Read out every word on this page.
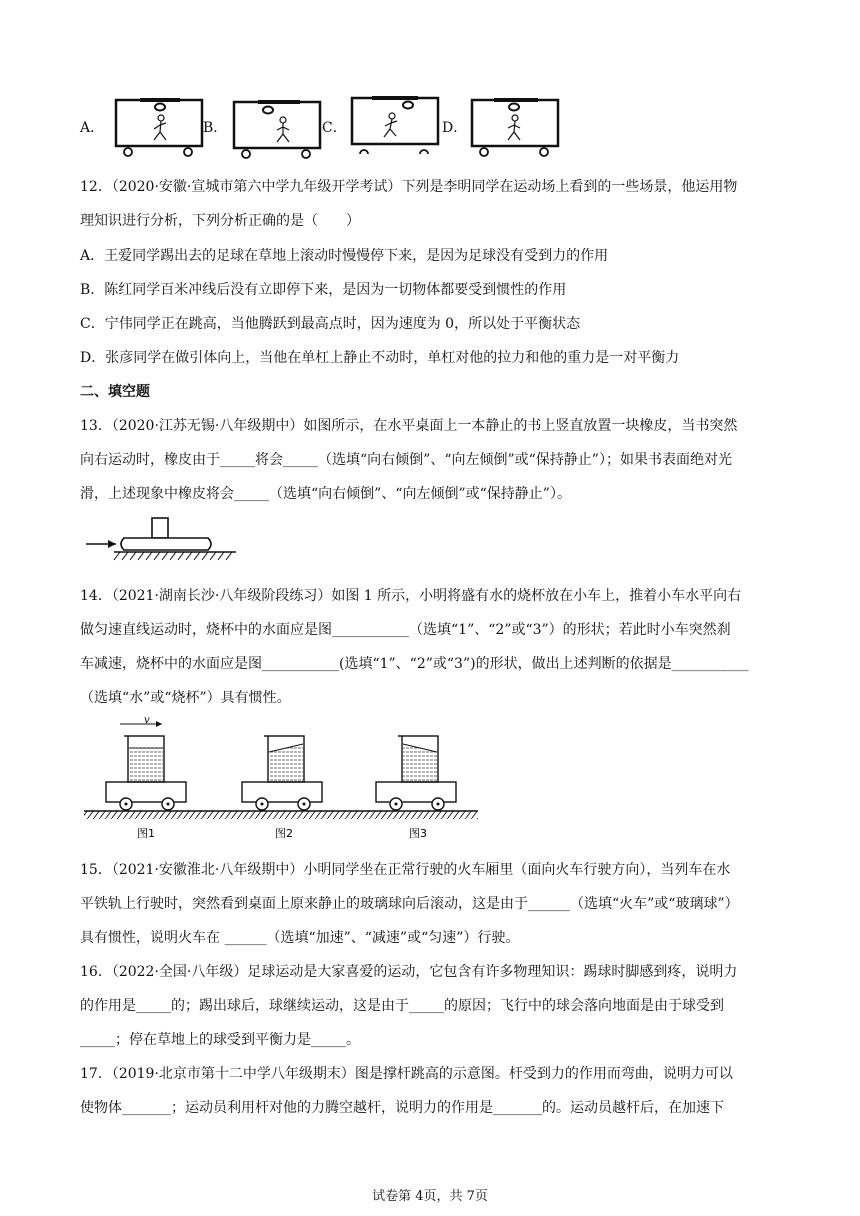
A．	B．	C．	D．
12．（2020·安徽·宣城市第六中学九年级开学考试）下列是李明同学在运动场上看到的一些场景，他运用物
理知识进行分析，下列分析正确的是（　　）
A．王爱同学踢出去的足球在草地上滚动时慢慢停下来，是因为足球没有受到力的作用
B．陈红同学百米冲线后没有立即停下来，是因为一切物体都要受到惯性的作用
C．宁伟同学正在跳高，当他腾跃到最高点时，因为速度为 0，所以处于平衡状态
D．张彦同学在做引体向上，当他在单杠上静止不动时，单杠对他的拉力和他的重力是一对平衡力
二、填空题
13．（2020·江苏无锡·八年级期中）如图所示，在水平桌面上一本静止的书上竖直放置一块橡皮，当书突然
向右运动时，橡皮由于_____将会_____（选填“向右倾倒”、“向左倾倒”或“保持静止”）；如果书表面绝对光
滑，上述现象中橡皮将会_____（选填“向右倾倒”、“向左倾倒”或“保持静止”）。
14．（2021·湖南长沙·八年级阶段练习）如图 1 所示，小明将盛有水的烧杯放在小车上，推着小车水平向右
做匀速直线运动时，烧杯中的水面应是图___________（选填“1”、“2”或“3”）的形状；若此时小车突然刹
车减速，烧杯中的水面应是图___________(选填“1”、“2”或“3”)的形状，做出上述判断的依据是___________
（选填“水”或“烧杯”）具有惯性。
v
图1	图2	图3
15．（2021·安徽淮北·八年级期中）小明同学坐在正常行驶的火车厢里（面向火车行驶方向），当列车在水
平铁轨上行驶时，突然看到桌面上原来静止的玻璃球向后滚动，这是由于______（选填“火车”或“玻璃球”）
具有惯性，说明火车在 ______（选填“加速”、“减速”或“匀速”）行驶。
16．（2022·全国·八年级）足球运动是大家喜爱的运动，它包含有许多物理知识：踢球时脚感到疼，说明力
的作用是_____的；踢出球后，球继续运动，这是由于_____的原因；飞行中的球会落向地面是由于球受到
_____；停在草地上的球受到平衡力是_____。
17．（2019·北京市第十二中学八年级期末）图是撑杆跳高的示意图。杆受到力的作用而弯曲，说明力可以
使物体_______；运动员利用杆对他的力腾空越杆，说明力的作用是_______的。运动员越杆后，在加速下
试卷第 4页，共 7页
